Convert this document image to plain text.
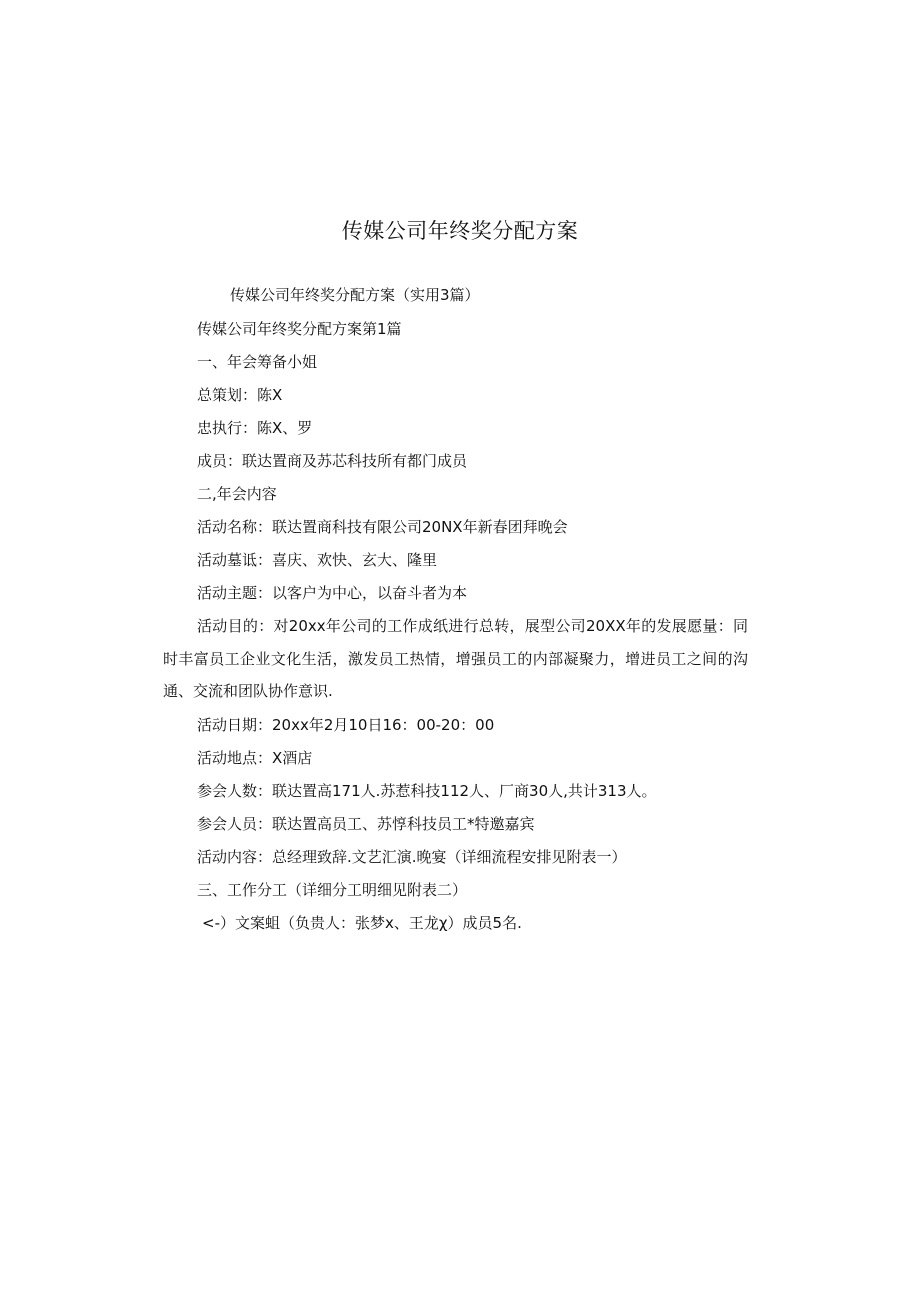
传媒公司年终奖分配方案
传媒公司年终奖分配方案（实用3篇）
传媒公司年终奖分配方案第1篇
一、年会筹备小姐
总策划：陈X
忠执行：陈X、罗
成员：联达置商及苏芯科技所有都门成员
二,年会内容
活动名称：联达置商科技有限公司20NX年新春团拜晚会
活动墓诋：喜庆、欢快、玄大、隆里
活动主题：以客户为中心，以奋斗者为本
活动目的：对20xx年公司的工作成纸进行总转，展型公司20XX年的发展愿量：同时丰富员工企业文化生活，激发员工热情，增强员工的内部凝聚力，增进员工之间的沟通、交流和团队协作意识.
活动日期：20xx年2月10日16：00-20：00
活动地点：X酒店
参会人数：联达置高171人.苏惹科技112人、厂商30人,共计313人。
参会人员：联达置高员工、苏惇科技员工*特邀嘉宾
活动内容：总经理致辞.文艺汇演.晚宴（详细流程安排见附表一）
三、工作分工（详细分工明细见附表二）
<-）文案蛆（负贵人：张梦x、王龙χ）成员5名.
